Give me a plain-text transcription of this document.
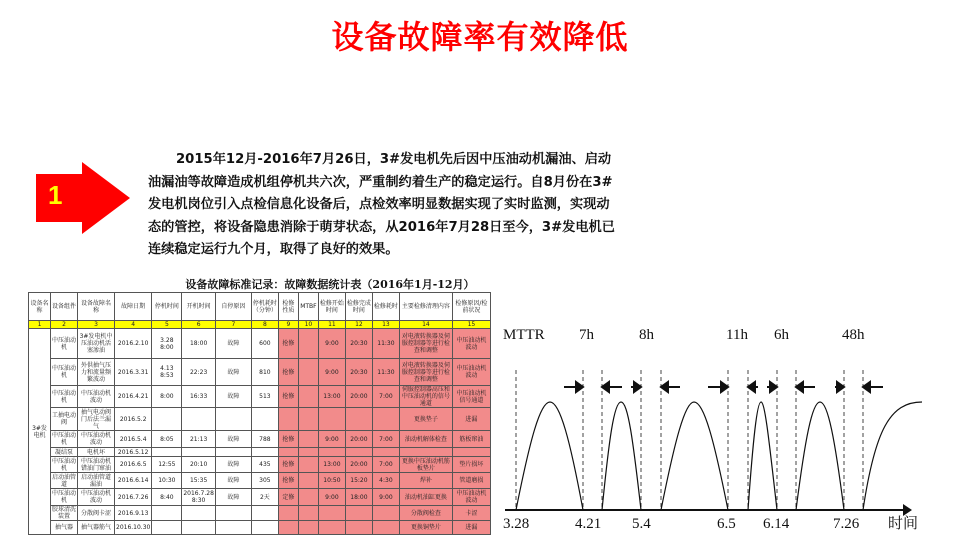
设备故障率有效降低
1
2015年12月-2016年7月26日，3#发电机先后因中压油动机漏油、启动油漏油等故障造成机组停机共六次，严重制约着生产的稳定运行。自8月份在3#发电机岗位引入点检信息化设备后，点检效率明显数据实现了实时监测，实现动态的管控，将设备隐患消除于萌芽状态，从2016年7月28日至今，3#发电机已连续稳定运行九个月，取得了良好的效果。
设备故障标准记录：故障数据统计表（2016年1月-12月）
设备名称	设备组件	设备故障名称	故障日期	停机时间	开机时间	自停原因	停机耗时（分钟）	检修性质	MTBF	检修开始时间	检修完成时间	检修耗时	主要检修清理内容	检修原因/检前状况
1	2	3	4	5	6	7	8	9	10	11	12	13	14	15
3#发电机	中压油动机	3#发电机中压油动机活塞渗油	2016.2.10	3.28 8:00	18:00	故障	600	抢修		9:00	20:30	11:30	对电液转换器及伺服控制器等进行检查和调整	中压油动机波动
	中压油动机	外供抽气压力和流量频繁波动	2016.3.31	4.13 8:53	22:23	故障	810	抢修		9:00	20:30	11:30	对电液转换器及伺服控制器等进行检查和调整	中压油动机波动
	中压油动机	中压油动机波动	2016.4.21	8:00	16:33	故障	513	抢修		13:00	20:00	7:00	伺服控制器高压和中压油动机的信号通道	中压油动机信号通道
	工抽电动阀	抽气电动阀门后法兰漏气	2016.5.2										更换垫子	进漏
	中压油动机	中压油动机波动	2016.5.4	8:05	21:13	故障	788	抢修		9:00	20:00	7:00	油动机解体检查	筋板窜油
	凝结泵	电机坏	2016.5.12											
	中压油动机	中压油动机错油门窜油	2016.6.5	12:55	20:10	故障	435	抢修		13:00	20:00	7:00	更换中压油动机筋板垫片	垫片损坏
	启动油管道	启动油管道漏油	2016.6.14	10:30	15:35	故障	305	抢修		10:50	15:20	4:30	焊补	管道磨损
	中压油动机	中压油动机波动	2016.7.26	8:40	2016.7.28 8:30	故障	2天	定修		9:00	18:00	9:00	油动机油缸更换	中压油动机波动
	胶球清洗装置	分散阀卡涩	2016.9.13										分散阀检查	卡涩
	抽气器	抽气器筋气	2016.10.30										更换铜垫片	进漏
MTTR 7h	8h	11h 6h	48h
3.28	4.21 5.4	6.5 6.14	7.26 时间
